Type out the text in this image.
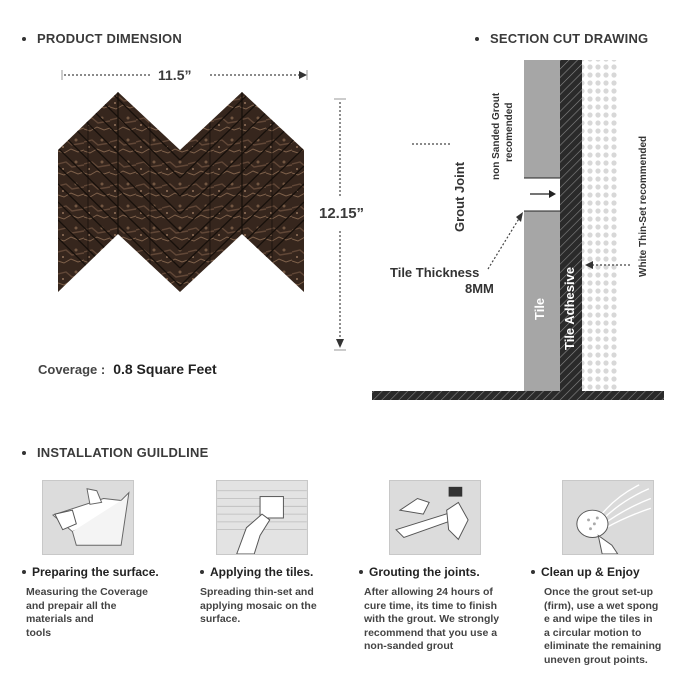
PRODUCT DIMENSION
11.5”
12.15”
Coverage : 0.8 Square Feet
SECTION CUT DRAWING
Tile Thickness
8MM
Grout Joint
non Sanded Grout recomended
Tile Tile Adhesive
White Thin-Set recommended
INSTALLATION GUILDLINE
Preparing the surface.	Applying the tiles.	Grouting the joints.	Clean up & Enjoy
Measuring the Coverage
and prepair all the
materials and
tools
Spreading thin-set and
applying mosaic on the
surface.
After allowing 24 hours of
cure time, its time to finish
with the grout. We strongly
recommend that you use a
non-sanded grout
Once the grout set-up
(firm), use a wet spong
e and wipe the tiles in
a circular motion to
eliminate the remaining
uneven grout points.
